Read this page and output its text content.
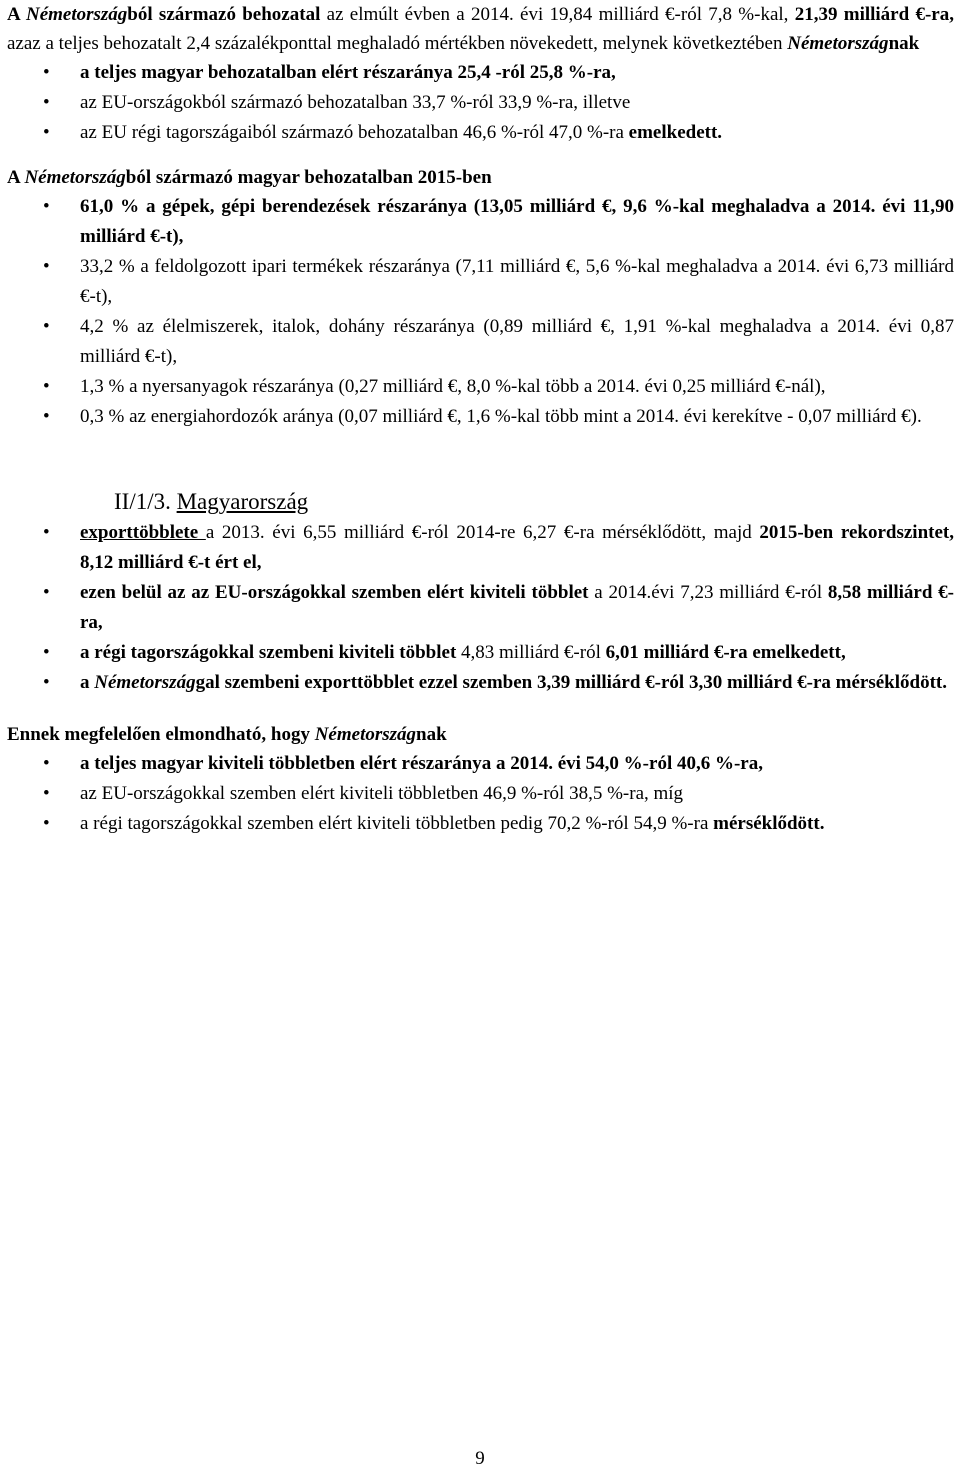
A Németországból származó behozatal az elmúlt évben a 2014. évi 19,84 milliárd €-ról 7,8 %-kal, 21,39 milliárd €-ra, azaz a teljes behozatalt 2,4 százalékponttal meghaladó mértékben növekedett, melynek következtében Németországnak

• a teljes magyar behozatalban elért részaránya 25,4 -ról 25,8 %-ra,
• az EU-országokból származó behozatalban 33,7 %-ról 33,9 %-ra, illetve
• az EU régi tagországaiból származó behozatalban 46,6 %-ról 47,0 %-ra emelkedett.

A Németországból származó magyar behozatalban 2015-ben

• 61,0 % a gépek, gépi berendezések részaránya (13,05 milliárd €, 9,6 %-kal meghaladva a 2014. évi 11,90 milliárd €-t),
• 33,2 % a feldolgozott ipari termékek részaránya (7,11 milliárd €, 5,6 %-kal meghaladva a 2014. évi 6,73 milliárd €-t),
• 4,2 % az élelmiszerek, italok, dohány részaránya (0,89 milliárd €, 1,91 %-kal meghaladva a 2014. évi 0,87 milliárd €-t),
• 1,3 % a nyersanyagok részaránya (0,27 milliárd €, 8,0 %-kal több a 2014. évi 0,25 milliárd €-nál),
• 0,3 % az energiahordozók aránya (0,07 milliárd €, 1,6 %-kal több mint a 2014. évi kerekítve - 0,07 milliárd €).

II/1/3. Magyarország

• exporttöbblete a 2013. évi 6,55 milliárd €-ról 2014-re 6,27 €-ra mérséklődött, majd 2015-ben rekordszintet, 8,12 milliárd €-t ért el,
• ezen belül az az EU-országokkal szemben elért kiviteli többlet a 2014.évi 7,23 milliárd €-ról 8,58 milliárd €-ra,
• a régi tagországokkal szembeni kiviteli többlet 4,83 milliárd €-ról 6,01 milliárd €-ra emelkedett,
• a Németországgal szembeni exporttöbblet ezzel szemben 3,39 milliárd €-ról 3,30 milliárd €-ra mérséklődött.

Ennek megfelelően elmondható, hogy Németországnak

• a teljes magyar kiviteli többletben elért részaránya a 2014. évi 54,0 %-ról 40,6 %-ra,
• az EU-országokkal szemben elért kiviteli többletben 46,9 %-ról 38,5 %-ra, míg
• a régi tagországokkal szemben elért kiviteli többletben pedig 70,2 %-ról 54,9 %-ra mérséklődött.
9
